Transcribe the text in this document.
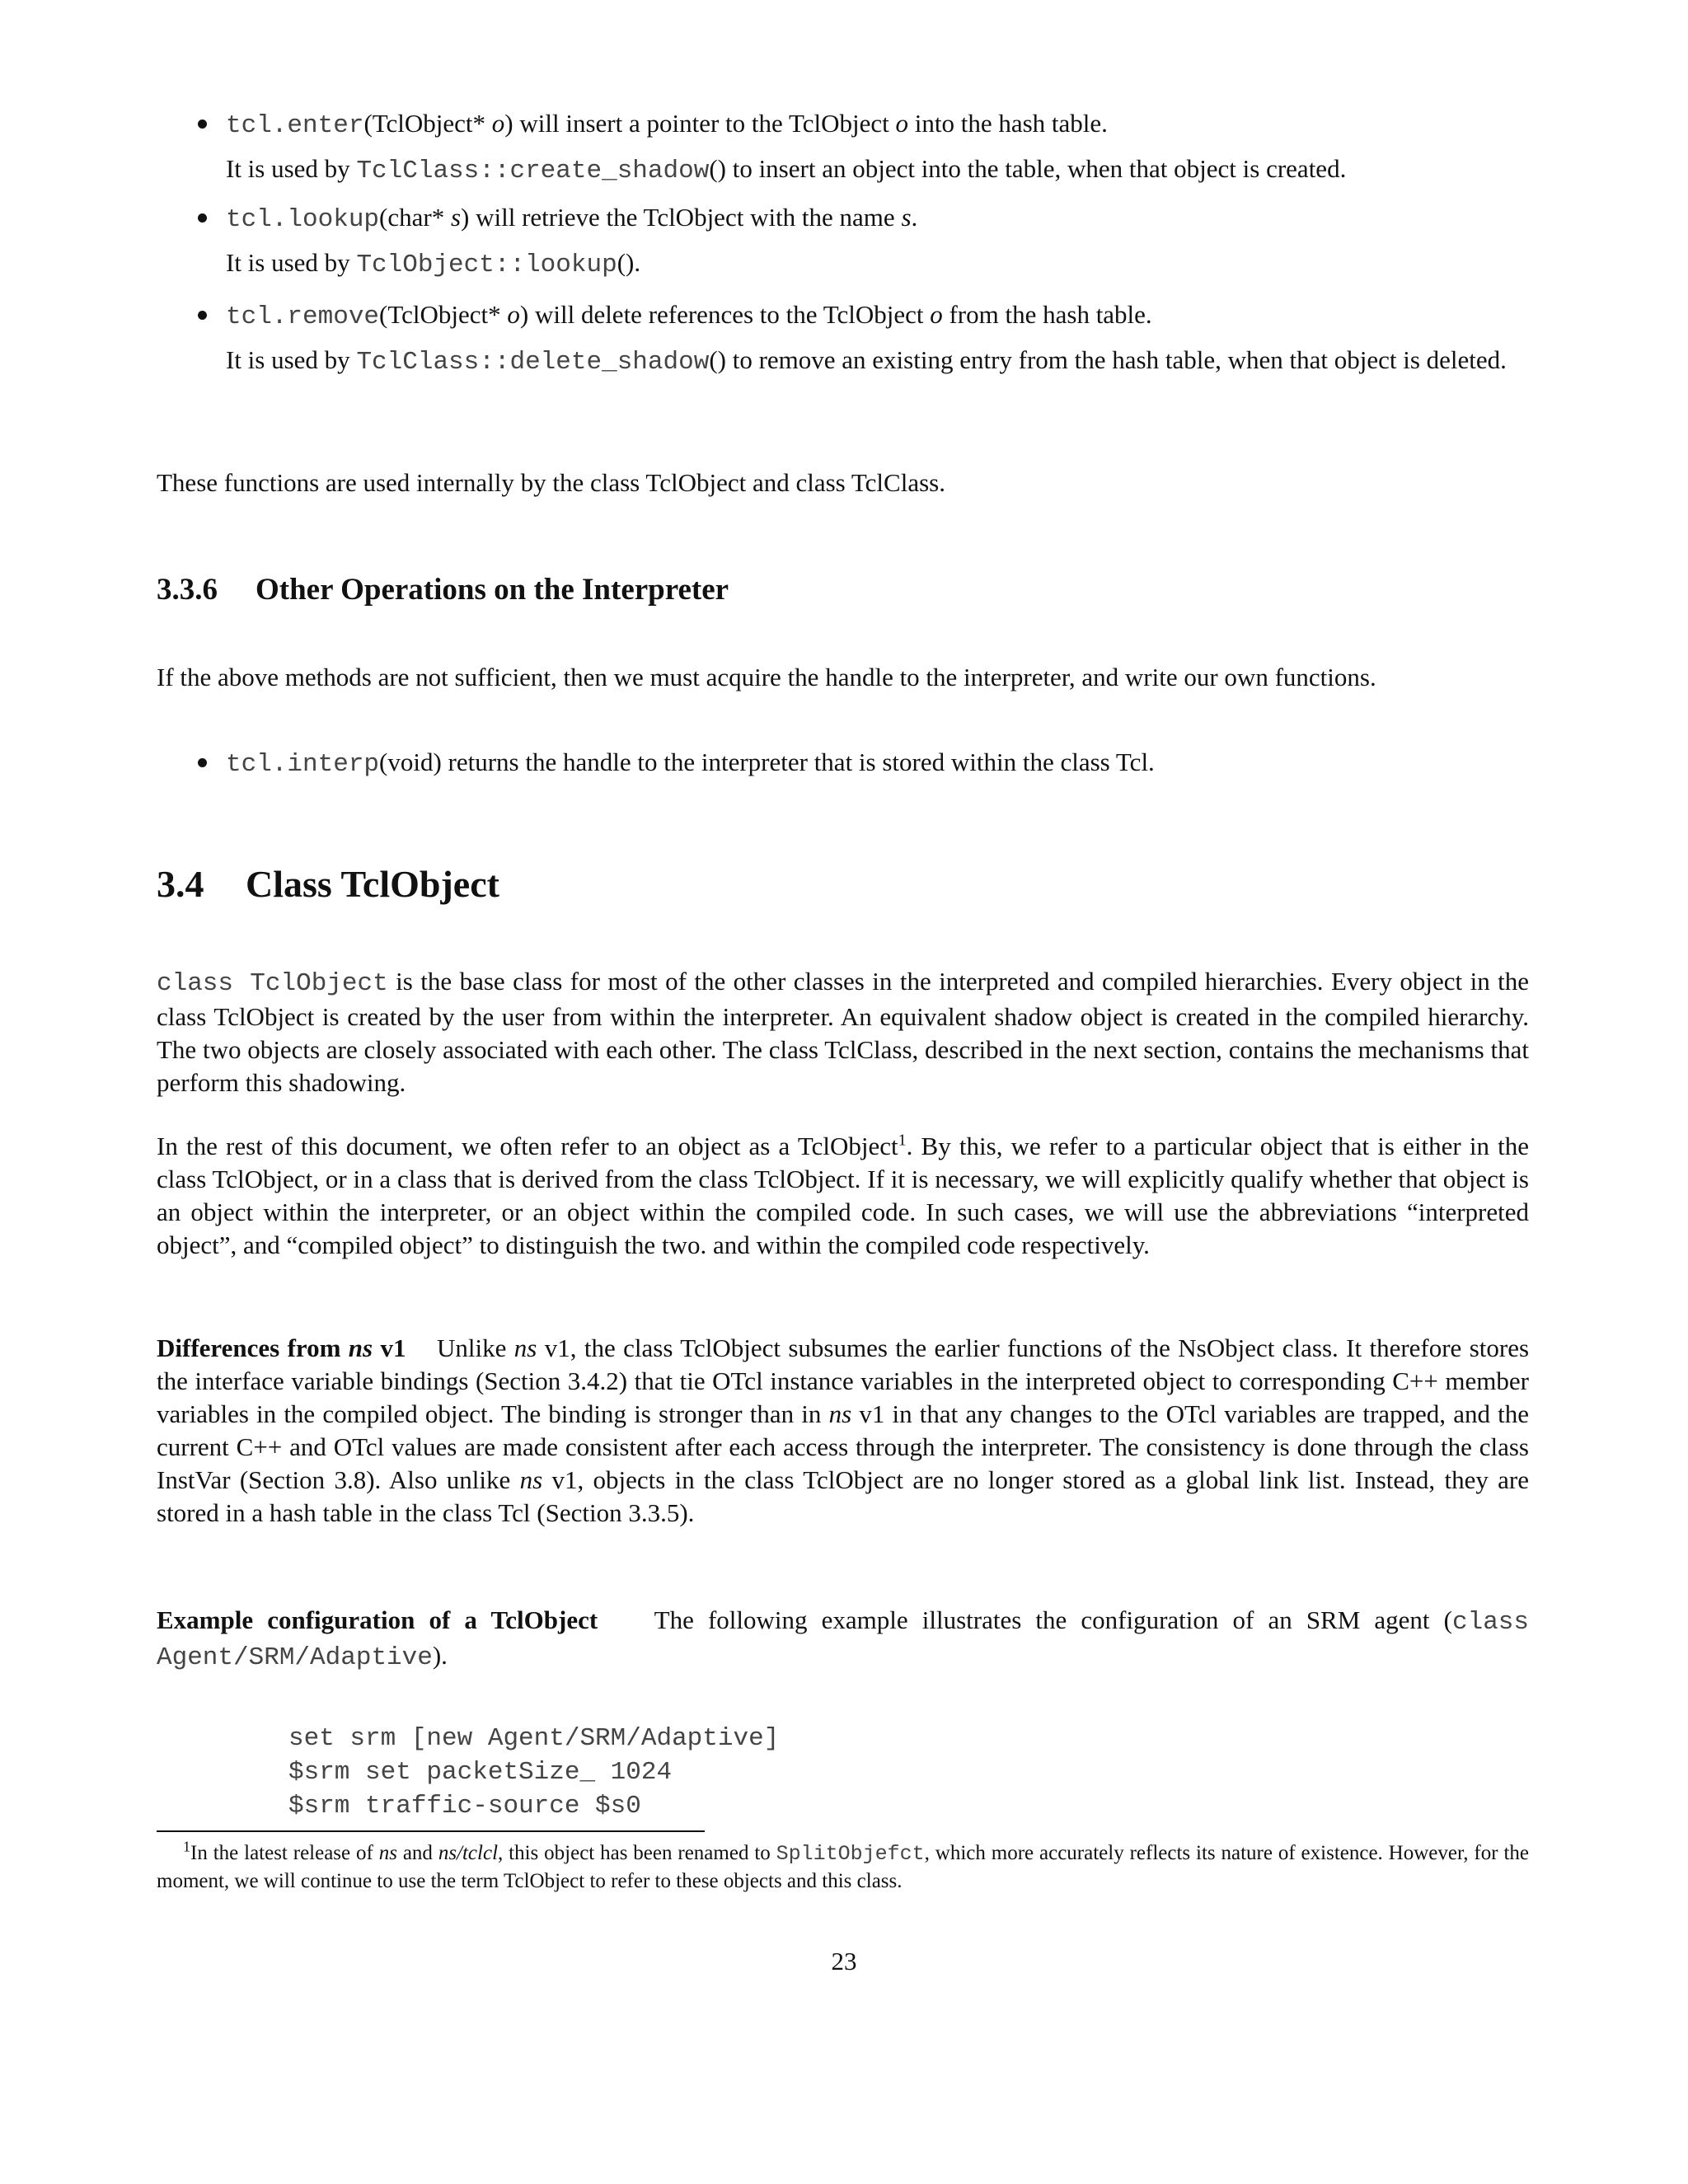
tcl.enter(TclObject* o) will insert a pointer to the TclObject o into the hash table.
It is used by TclClass::create_shadow() to insert an object into the table, when that object is created.
tcl.lookup(char* s) will retrieve the TclObject with the name s.
It is used by TclObject::lookup().
tcl.remove(TclObject* o) will delete references to the TclObject o from the hash table.
It is used by TclClass::delete_shadow() to remove an existing entry from the hash table, when that object is deleted.
These functions are used internally by the class TclObject and class TclClass.
3.3.6 Other Operations on the Interpreter
If the above methods are not sufficient, then we must acquire the handle to the interpreter, and write our own functions.
tcl.interp(void) returns the handle to the interpreter that is stored within the class Tcl.
3.4 Class TclObject
class TclObject is the base class for most of the other classes in the interpreted and compiled hierarchies. Every object in the class TclObject is created by the user from within the interpreter. An equivalent shadow object is created in the compiled hierarchy. The two objects are closely associated with each other. The class TclClass, described in the next section, contains the mechanisms that perform this shadowing.
In the rest of this document, we often refer to an object as a TclObject$^1$. By this, we refer to a particular object that is either in the class TclObject, or in a class that is derived from the class TclObject. If it is necessary, we will explicitly qualify whether that object is an object within the interpreter, or an object within the compiled code. In such cases, we will use the abbreviations “interpreted object”, and “compiled object” to distinguish the two. and within the compiled code respectively.
Differences from ns v1 Unlike ns v1, the class TclObject subsumes the earlier functions of the NsObject class. It therefore stores the interface variable bindings (Section 3.4.2) that tie OTcl instance variables in the interpreted object to corresponding C++ member variables in the compiled object. The binding is stronger than in ns v1 in that any changes to the OTcl variables are trapped, and the current C++ and OTcl values are made consistent after each access through the interpreter. The consistency is done through the class InstVar (Section 3.8). Also unlike ns v1, objects in the class TclObject are no longer stored as a global link list. Instead, they are stored in a hash table in the class Tcl (Section 3.3.5).
Example configuration of a TclObject The following example illustrates the configuration of an SRM agent (class Agent/SRM/Adaptive).
set srm [new Agent/SRM/Adaptive]
$srm set packetSize_ 1024
$srm traffic-source $s0
$^1$In the latest release of ns and ns/tclcl, this object has been renamed to SplitObjefct, which more accurately reflects its nature of existence. However, for the moment, we will continue to use the term TclObject to refer to these objects and this class.
23
